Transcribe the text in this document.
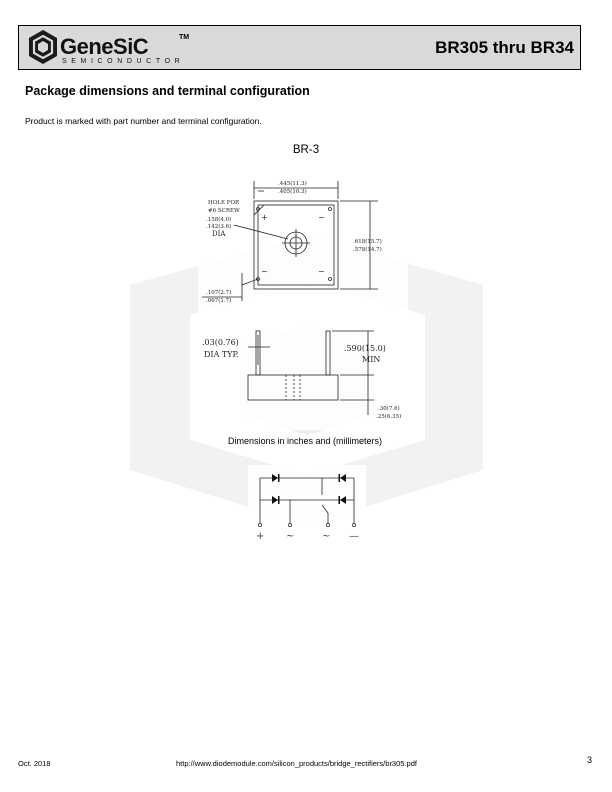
GeneSiC	TM
SEMICONDUCTOR
BR305 thru BR34
Package dimensions and terminal configuration
Product is marked with part number and terminal configuration.
BR-3
.445(11.3)
.405(10.3)
HOLE FOR
#6 SCREW
.158(4.0)
.142(3.6)
DIA
.618(15.7)
.578(14.7)
.107(2.7)
.067(1.7)
.03(0.76)
DIA TYP.
.590(15.0)
MIN
.30(7.6)
.25(6.35)
+	~
~	−
Dimensions in inches and (millimeters)
+ ~	~ —
Oct. 2018	http://www.diodemodule.com/silicon_products/bridge_rectifiers/br305.pdf	3
